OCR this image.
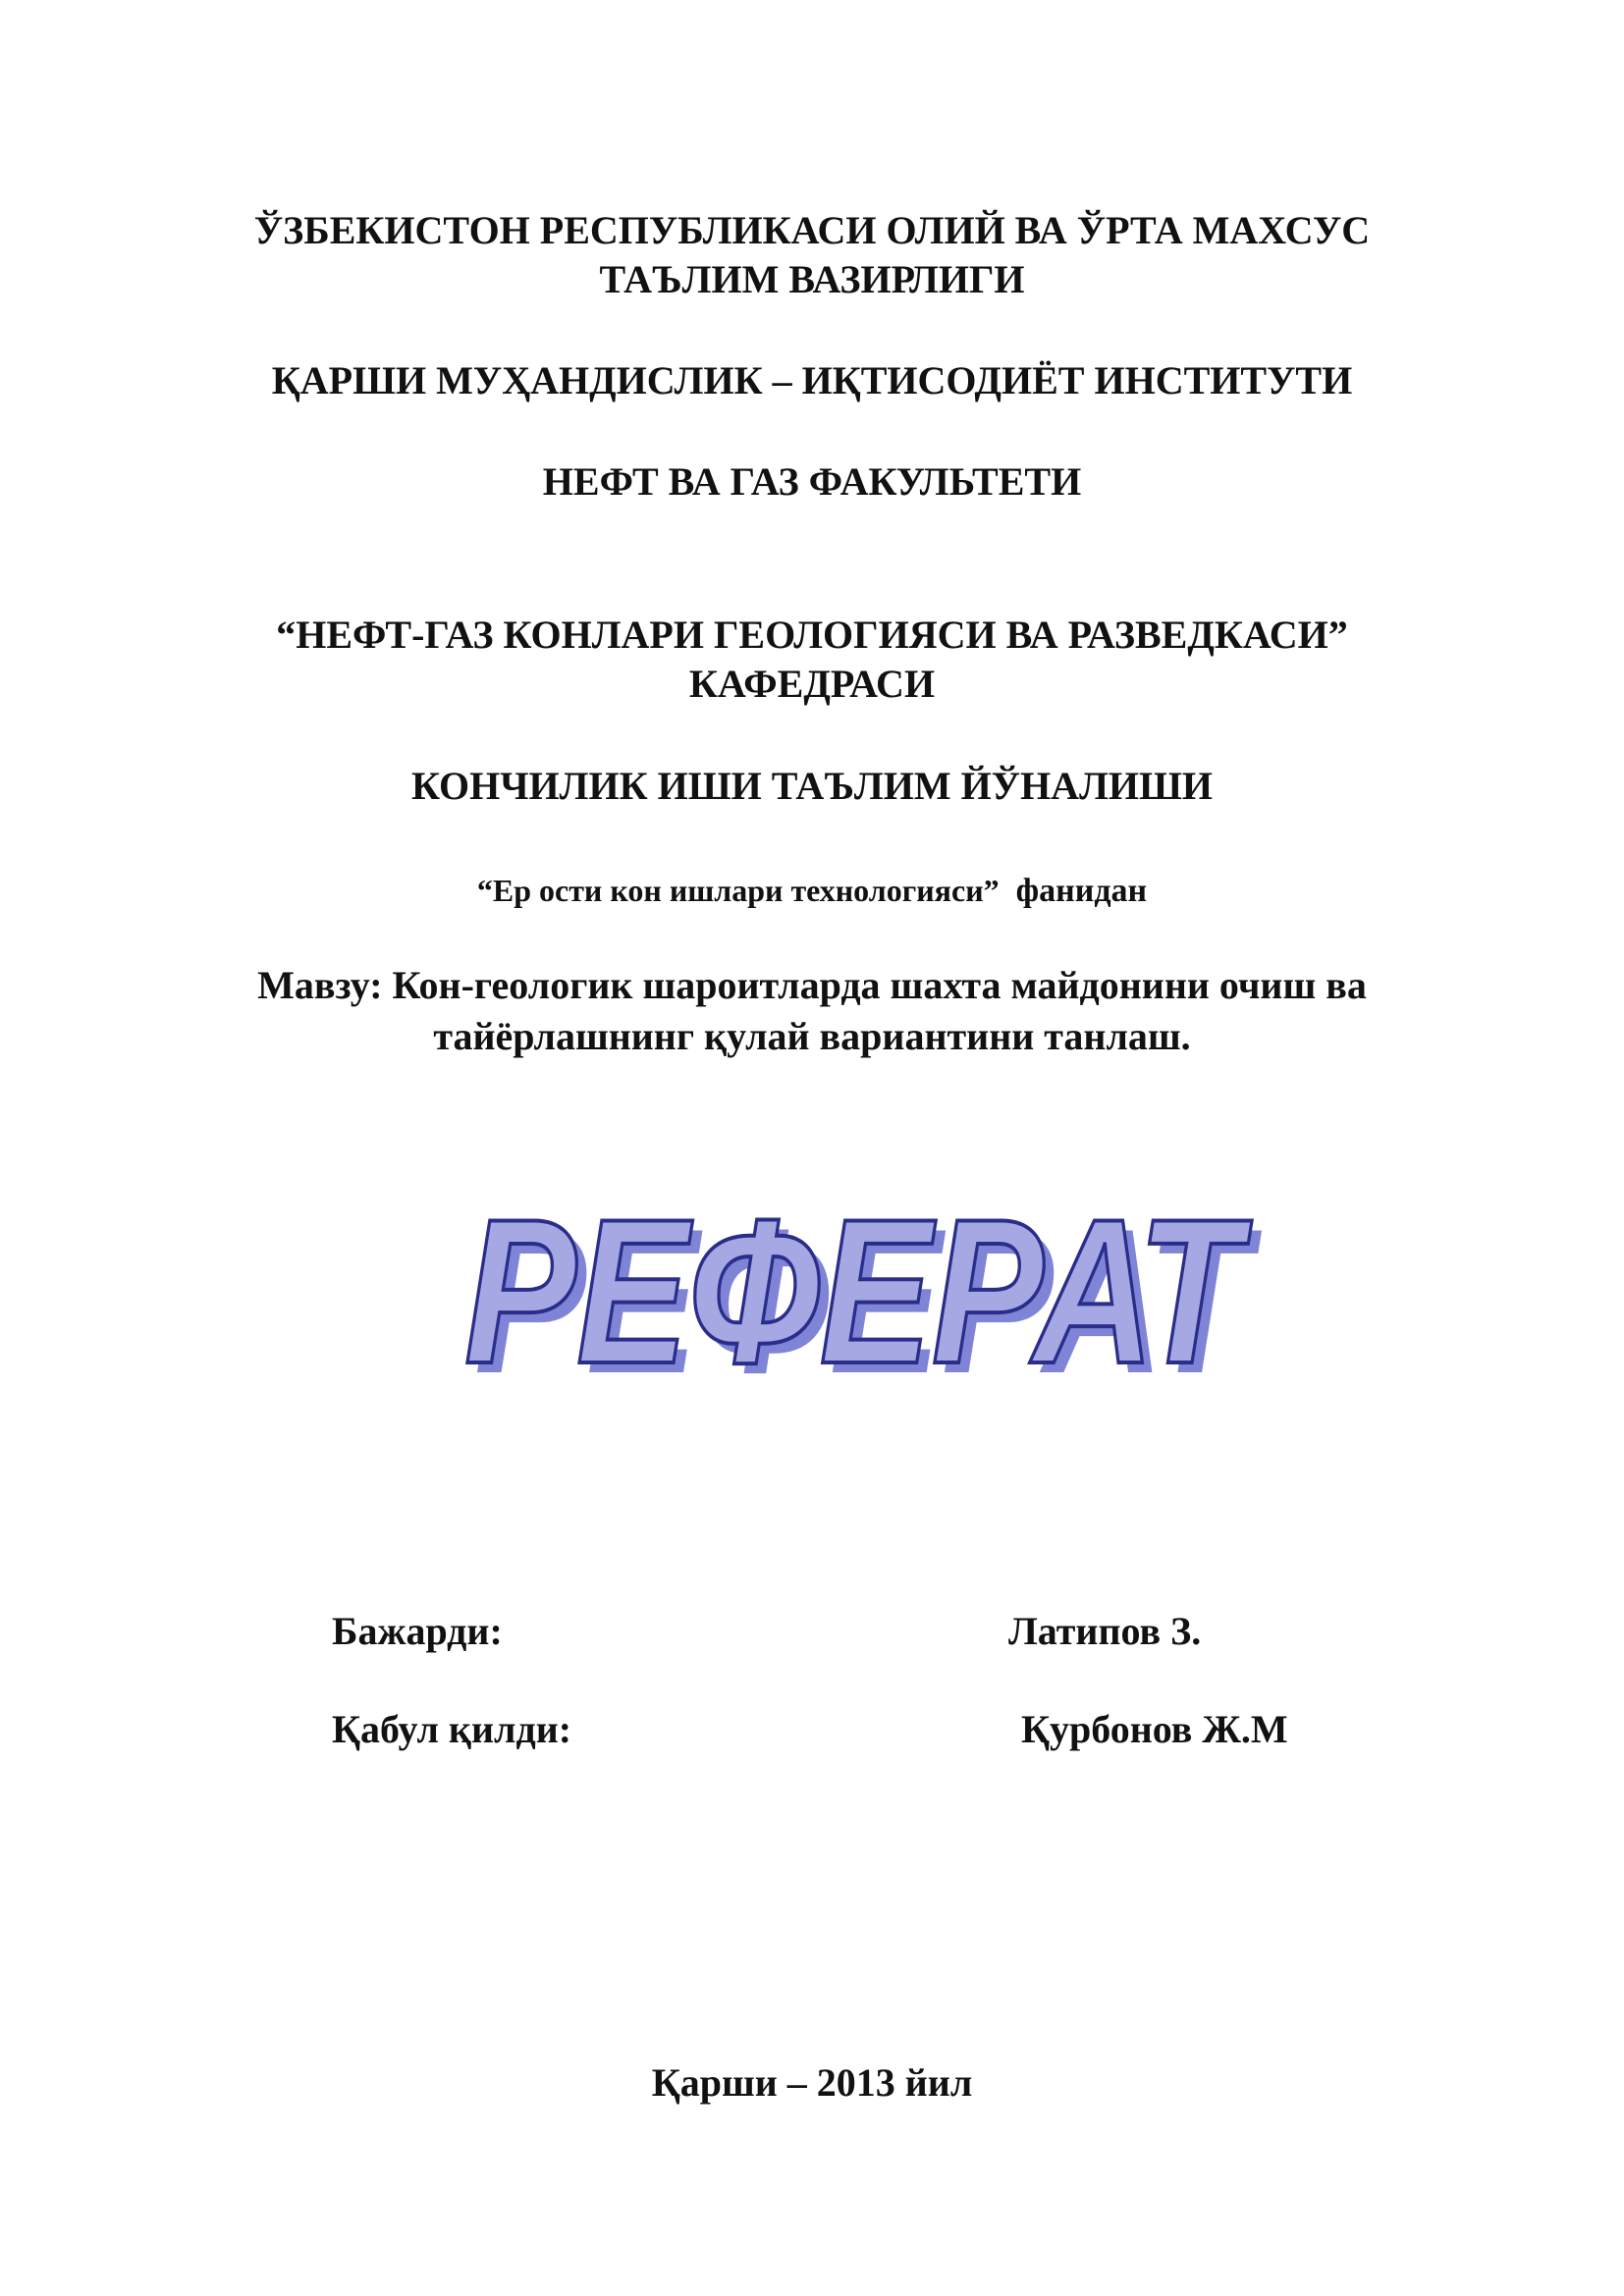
ЎЗБЕКИСТОН РЕСПУБЛИКАСИ ОЛИЙ ВА ЎРТА МАХСУС
ТАЪЛИМ ВАЗИРЛИГИ
ҚАРШИ МУҲАНДИСЛИК – ИҚТИСОДИЁТ ИНСТИТУТИ
НЕФТ ВА ГАЗ ФАКУЛЬТЕТИ
“НЕФТ-ГАЗ КОНЛАРИ ГЕОЛОГИЯСИ ВА РАЗВЕДКАСИ”
КАФЕДРАСИ
КОНЧИЛИК ИШИ ТАЪЛИМ ЙЎНАЛИШИ

“Ер ости кон ишлари технологияси” фанидан

Мавзу: Кон-геологик шароитларда шахта майдонини очиш ва
тайёрлашнинг қулай вариантини танлаш.

РЕФЕРАТ
РЕФЕРАТ

Бажарди:	Латипов З.

Қабул қилди:	Қурбонов Ж.М

Қарши – 2013 йил
